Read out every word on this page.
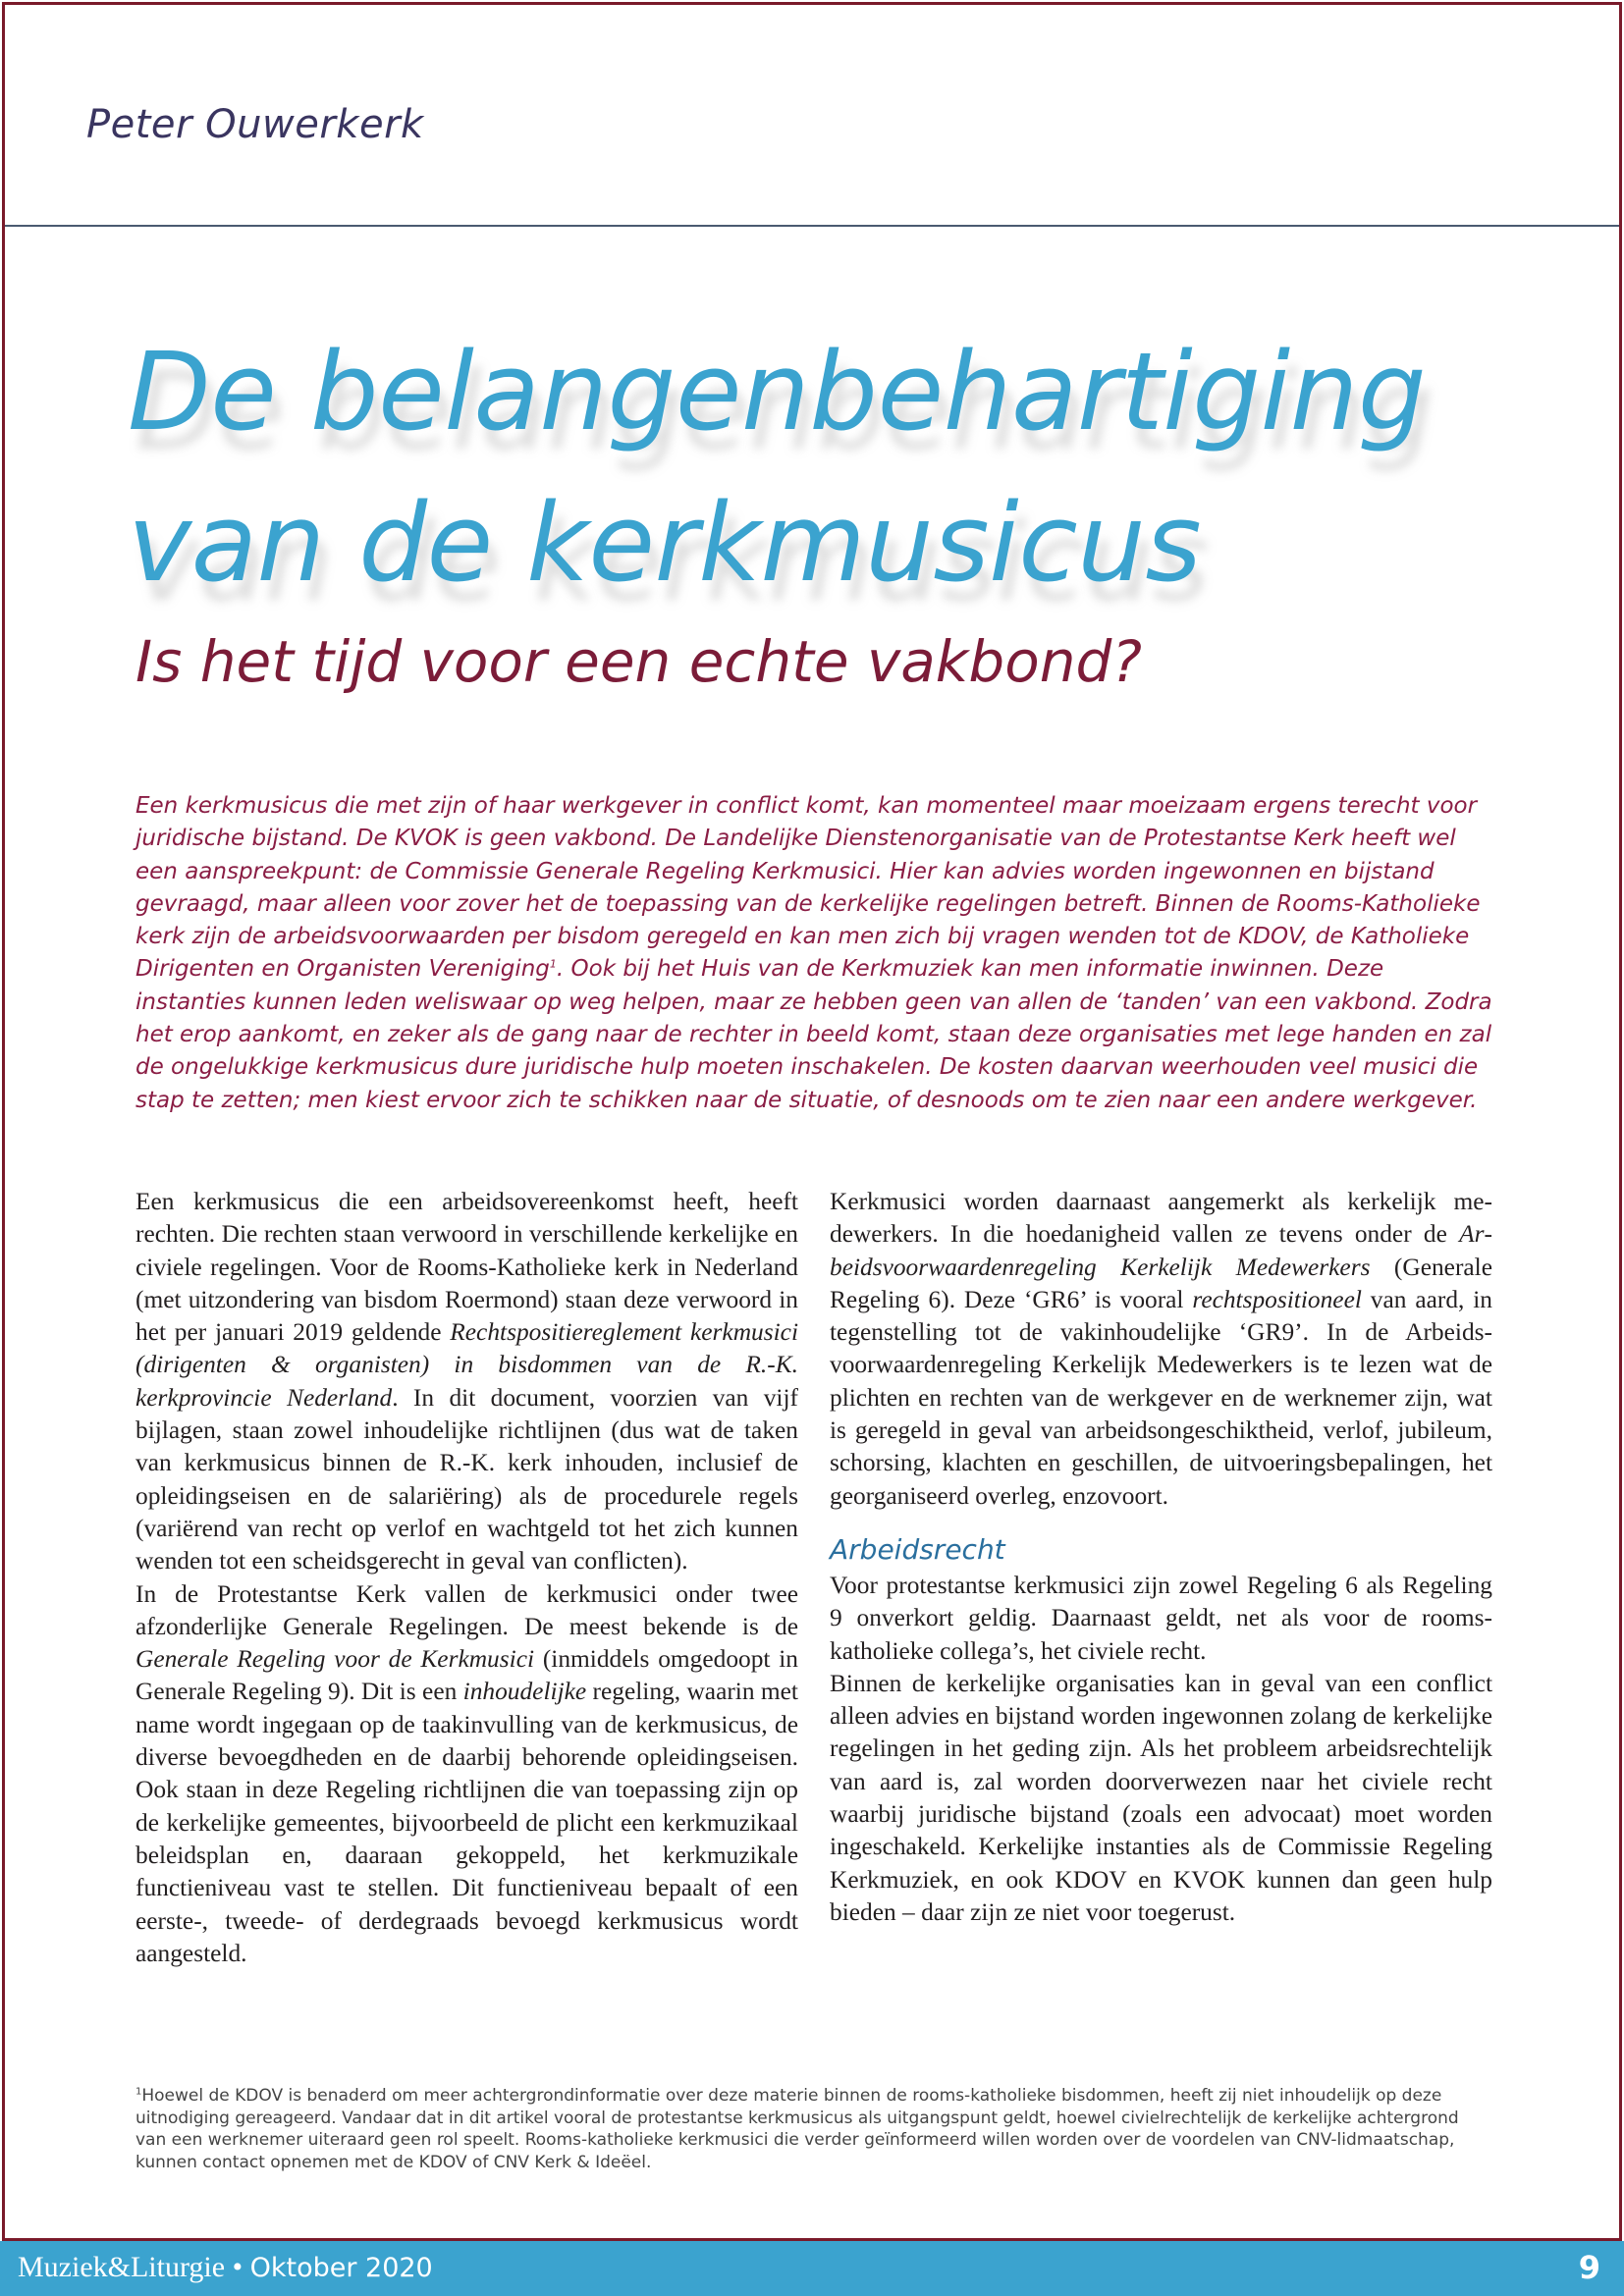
Peter Ouwerkerk
De belangenbehartiging
van de kerkmusicus
Is het tijd voor een echte vakbond?

Een kerkmusicus die met zijn of haar werkgever in conflict komt, kan momenteel maar moeizaam ergens terecht voor juridische bijstand. De KVOK is geen vakbond. De Landelijke Dienstenorganisatie van de Protestantse Kerk heeft wel een aanspreekpunt: de Commissie Generale Regeling Kerkmusici. Hier kan advies worden ingewonnen en bijstand gevraagd, maar alleen voor zover het de toepassing van de kerkelijke regelingen betreft. Binnen de Rooms-Katholieke kerk zijn de arbeidsvoorwaarden per bisdom geregeld en kan men zich bij vragen wenden tot de KDOV, de Katholieke Dirigenten en Organisten Vereniging$^1$. Ook bij het Huis van de Kerkmuziek kan men informatie inwinnen. Deze instanties kunnen leden weliswaar op weg helpen, maar ze hebben geen van allen de ‘tanden’ van een vakbond. Zodra het erop aankomt, en zeker als de gang naar de rechter in beeld komt, staan deze organisaties met lege handen en zal de ongelukkige kerkmusicus dure juridische hulp moeten inschakelen. De kosten daarvan weerhouden veel musici die stap te zetten; men kiest ervoor zich te schikken naar de situatie, of desnoods om te zien naar een andere werkgever.

Een kerkmusicus die een arbeidsovereenkomst heeft, heeft rechten. Die rechten staan verwoord in verschillende kerkelijke en civiele regelingen. Voor de Rooms-Katholieke kerk in Nederland (met uitzondering van bisdom Roermond) staan deze verwoord in het per januari 2019 geldende Rechtspositiereglement kerkmusici (dirigenten & organisten) in bisdommen van de R.-K. kerkprovincie Nederland. In dit document, voorzien van vijf bijlagen, staan zowel inhoudelijke richtlijnen (dus wat de taken van kerkmusicus binnen de R.-K. kerk inhouden, inclusief de opleidingseisen en de salariëring) als de procedurele regels (variërend van recht op verlof en wachtgeld tot het zich kunnen wenden tot een scheidsgerecht in geval van conflicten).

In de Protestantse Kerk vallen de kerkmusici onder twee afzonderlijke Generale Regelingen. De meest bekende is de Generale Regeling voor de Kerkmusici (inmiddels omgedoopt in Generale Regeling 9). Dit is een inhoudelijke regeling, waarin met name wordt ingegaan op de taakinvulling van de kerkmusicus, de diverse bevoegdheden en de daarbij behorende opleidingseisen. Ook staan in deze Regeling richtlijnen die van toepassing zijn op de kerkelijke gemeentes, bijvoorbeeld de plicht een kerkmuzikaal beleidsplan en, daaraan gekoppeld, het kerkmuzikale functieniveau vast te stellen. Dit functieniveau bepaalt of een eerste-, tweede- of derdegraads bevoegd kerkmusicus wordt aangesteld.

Kerkmusici worden daarnaast aangemerkt als kerkelijk medewerkers. In die hoedanigheid vallen ze tevens onder de Arbeidsvoorwaardenregeling Kerkelijk Medewerkers (Generale Regeling 6). Deze ‘GR6’ is vooral rechtspositioneel van aard, in tegenstelling tot de vakinhoudelijke ‘GR9’. In de Arbeidsvoorwaardenregeling Kerkelijk Medewerkers is te lezen wat de plichten en rechten van de werkgever en de werknemer zijn, wat is geregeld in geval van arbeidsongeschiktheid, verlof, jubileum, schorsing, klachten en geschillen, de uitvoeringsbepalingen, het georganiseerd overleg, enzovoort.

Arbeidsrecht

Voor protestantse kerkmusici zijn zowel Regeling 6 als Regeling 9 onverkort geldig. Daarnaast geldt, net als voor de rooms-katholieke collega’s, het civiele recht.

Binnen de kerkelijke organisaties kan in geval van een conflict alleen advies en bijstand worden ingewonnen zolang de kerkelijke regelingen in het geding zijn. Als het probleem arbeidsrechtelijk van aard is, zal worden doorverwezen naar het civiele recht waarbij juridische bijstand (zoals een advocaat) moet worden ingeschakeld. Kerkelijke instanties als de Commissie Regeling Kerkmuziek, en ook KDOV en KVOK kunnen dan geen hulp bieden – daar zijn ze niet voor toegerust.

$^1$Hoewel de KDOV is benaderd om meer achtergrondinformatie over deze materie binnen de rooms-katholieke bisdommen, heeft zij niet inhoudelijk op deze uitnodiging gereageerd. Vandaar dat in dit artikel vooral de protestantse kerkmusicus als uitgangspunt geldt, hoewel civielrechtelijk de kerkelijke achtergrond van een werknemer uiteraard geen rol speelt. Rooms-katholieke kerkmusici die verder geïnformeerd willen worden over de voordelen van CNV-lidmaatschap, kunnen contact opnemen met de KDOV of CNV Kerk & Ideëel.

Muziek&Liturgie • Oktober 2020	9
